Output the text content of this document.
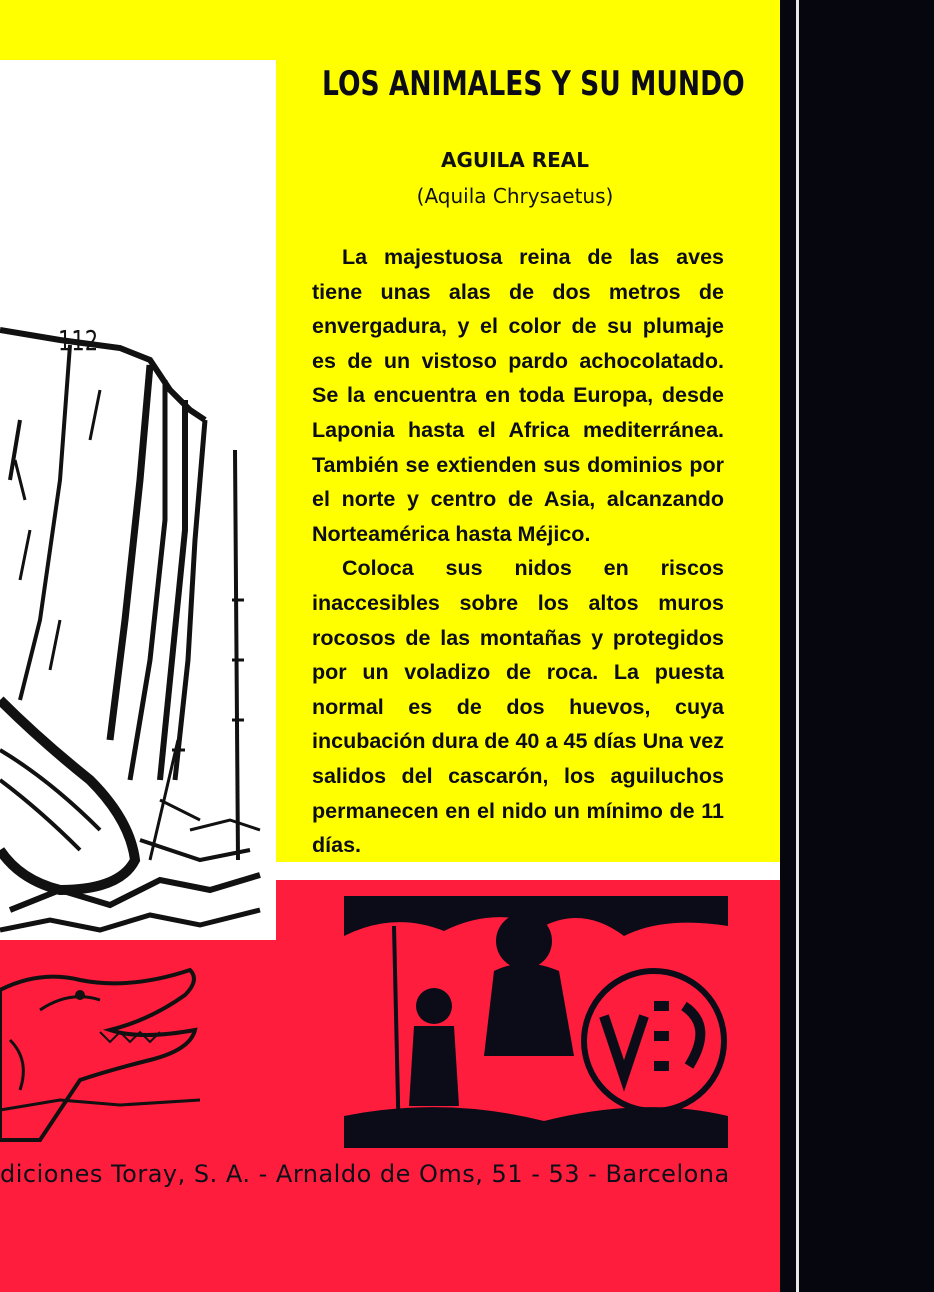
112
LOS ANIMALES Y SU MUNDO
AGUILA REAL
(Aquila Chrysaetus)

La majestuosa reina de las aves tiene unas alas de dos metros de envergadura, y el color de su plumaje es de un vistoso pardo achocolatado. Se la encuentra en toda Europa, desde Laponia hasta el Africa mediterránea. También se extienden sus dominios por el norte y centro de Asia, alcanzando Norteamérica hasta Méjico.

Coloca sus nidos en riscos inaccesibles sobre los altos muros rocosos de las montañas y protegidos por un voladizo de roca. La puesta normal es de dos huevos, cuya incubación dura de 40 a 45 días Una vez salidos del cascarón, los aguiluchos permanecen en el nido un mínimo de 11 días.

diciones Toray, S. A. - Arnaldo de Oms, 51 - 53 - Barcelona
